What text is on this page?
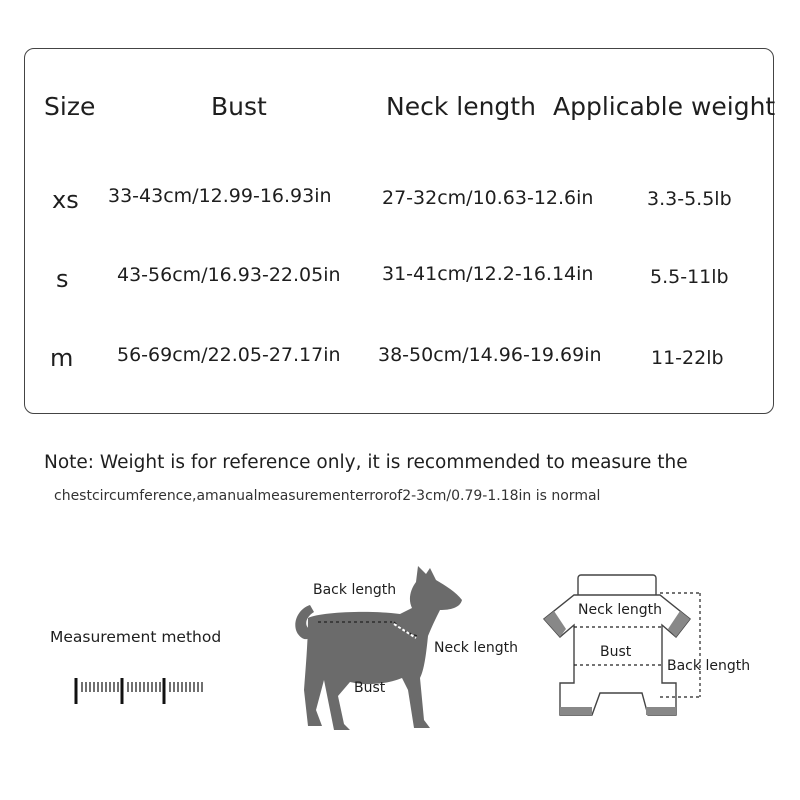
Size	Bust	Neck length Applicable weight
xs 33-43cm/12.99-16.93in	27-32cm/10.63-12.6in	3.3-5.5lb
s	43-56cm/16.93-22.05in 31-41cm/12.2-16.14in	5.5-11lb
m 56-69cm/22.05-27.17in 38-50cm/14.96-19.69in	11-22lb
Note: Weight is for reference only, it is recommended to measure the
chestcircumference,amanualmeasurementerrorof2-3cm/0.79-1.18in is normal
Measurement method
Back length
Neck length
Bust
Neck length
Bust
Back length
